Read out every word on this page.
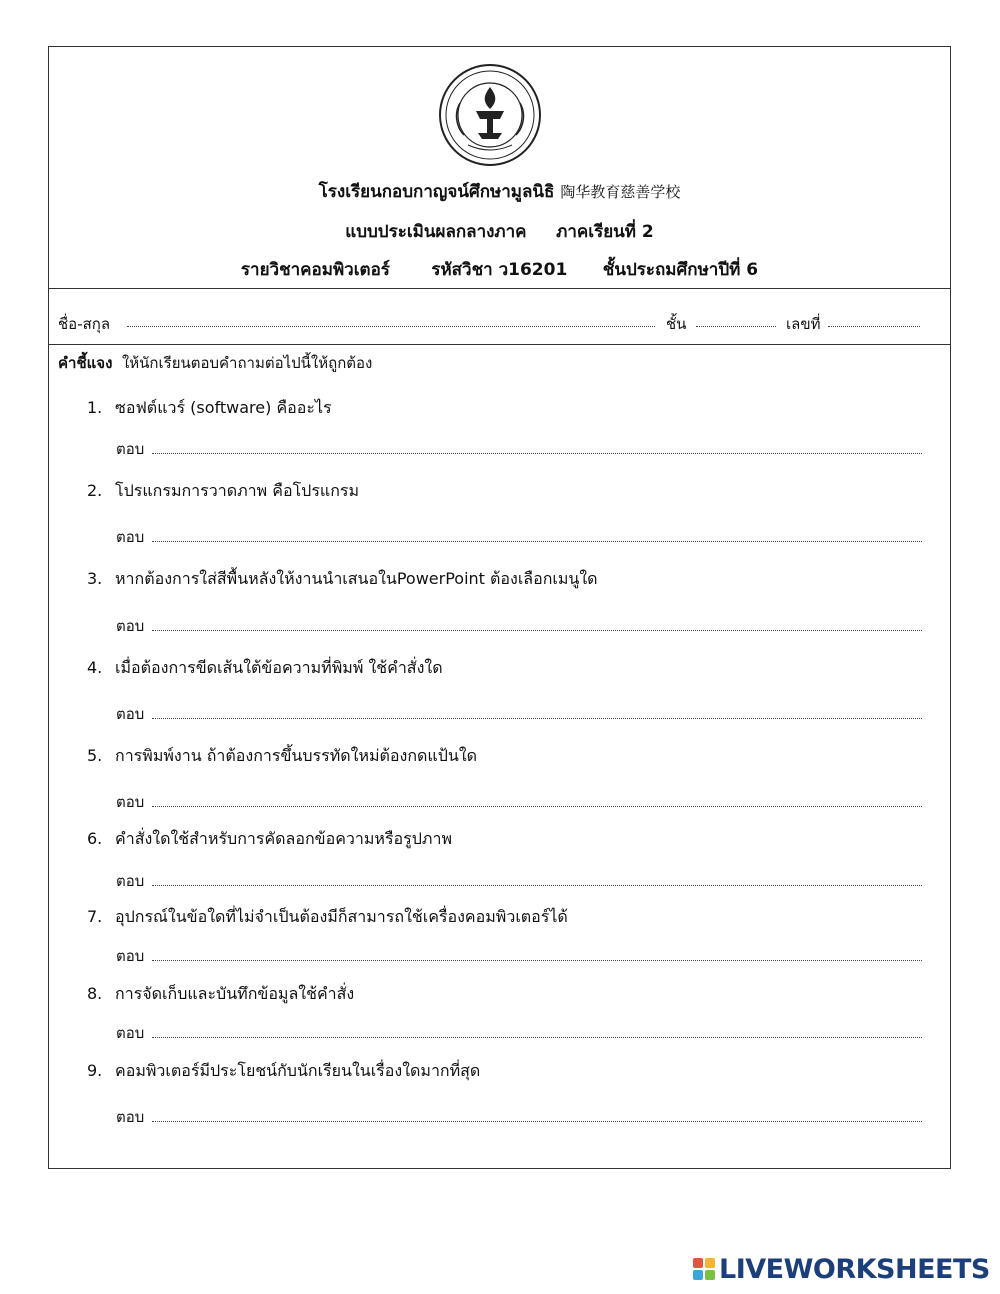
โรงเรียนกอบกาญจน์ศึกษามูลนิธิ 陶华教育慈善学校
แบบประเมินผลกลางภาค     ภาคเรียนที่ 2
รายวิชาคอมพิวเตอร์       รหัสวิชา ว16201      ชั้นประถมศึกษาปีที่ 6
ชื่อ-สกุล	ชั้น	เลขที่
คำชี้แจง ให้นักเรียนตอบคำถามต่อไปนี้ให้ถูกต้อง
1. ซอฟต์แวร์ (software) คืออะไร
ตอบ
2. โปรแกรมการวาดภาพ คือโปรแกรม
ตอบ
3. หากต้องการใส่สีพื้นหลังให้งานนำเสนอในPowerPoint ต้องเลือกเมนูใด
ตอบ
4. เมื่อต้องการขีดเส้นใต้ข้อความที่พิมพ์ ใช้คำสั่งใด
ตอบ
5. การพิมพ์งาน ถ้าต้องการขึ้นบรรทัดใหม่ต้องกดแป้นใด
ตอบ
6. คำสั่งใดใช้สำหรับการคัดลอกข้อความหรือรูปภาพ
ตอบ
7. อุปกรณ์ในข้อใดที่ไม่จำเป็นต้องมีก็สามารถใช้เครื่องคอมพิวเตอร์ได้
ตอบ
8. การจัดเก็บและบันทึกข้อมูลใช้คำสั่ง
ตอบ
9. คอมพิวเตอร์มีประโยชน์กับนักเรียนในเรื่องใดมากที่สุด
ตอบ
LIVEWORKSHEETS
